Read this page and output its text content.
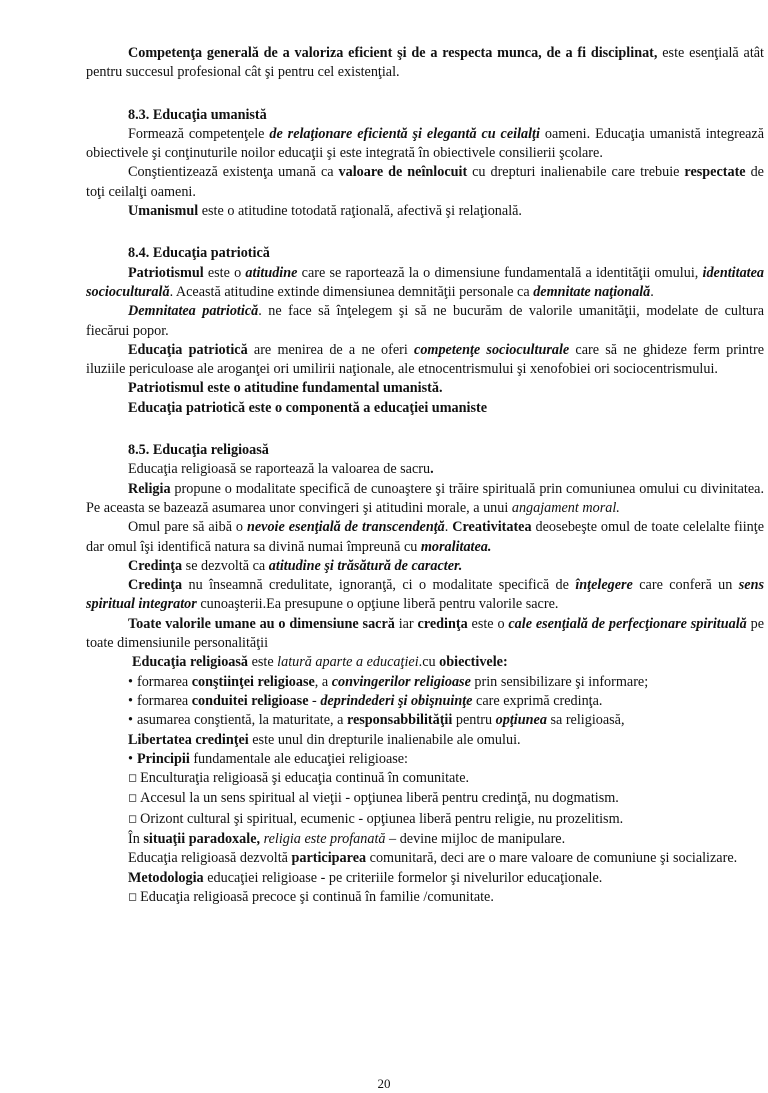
Competenţa generală de a valoriza eficient şi de a respecta munca, de a fi disciplinat, este esenţială atât pentru succesul profesional cât şi pentru cel existenţial.

8.3. Educaţia umanistă

Formează competenţele de relaţionare eficientă şi elegantă cu ceilalţi oameni. Educaţia umanistă integrează obiectivele şi conţinuturile noilor educaţii şi este integrată în obiectivele consilierii şcolare.

Conştientizează existenţa umană ca valoare de neînlocuit cu drepturi inalienabile care trebuie respectate de toţi ceilalţi oameni.

Umanismul este o atitudine totodată raţională, afectivă şi relaţională.

8.4. Educaţia patriotică

Patriotismul este o atitudine care se raportează la o dimensiune fundamentală a identităţii omului, identitatea socioculturală. Această atitudine extinde dimensiunea demnităţii personale ca demnitate naţională.

Demnitatea patriotică. ne face să înţelegem şi să ne bucurăm de valorile umanităţii, modelate de cultura fiecărui popor.

Educaţia patriotică are menirea de a ne oferi competenţe socioculturale care să ne ghideze ferm printre iluziile periculoase ale aroganţei ori umilirii naţionale, ale etnocentrismului şi xenofobiei ori sociocentrismului.

Patriotismul este o atitudine fundamental umanistă.

Educaţia patriotică este o componentă a educaţiei umaniste

8.5. Educaţia religioasă

Educaţia religioasă se raportează la valoarea de sacru.

Religia propune o modalitate specifică de cunoaştere şi trăire spirituală prin comuniunea omului cu divinitatea. Pe aceasta se bazează asumarea unor convingeri şi atitudini morale, a unui angajament moral.

Omul pare să aibă o nevoie esenţială de transcendenţă. Creativitatea deosebeşte omul de toate celelalte fiinţe dar omul îşi identifică natura sa divină numai împreună cu moralitatea.

Credinţa se dezvoltă ca atitudine şi trăsătură de caracter.

Credinţa nu înseamnă credulitate, ignoranţă, ci o modalitate specifică de înţelegere care conferă un sens spiritual integrator cunoaşterii.Ea presupune o opţiune liberă pentru valorile sacre.

Toate valorile umane au o dimensiune sacră iar credinţa este o cale esenţială de perfecţionare spirituală pe toate dimensiunile personalităţii

Educaţia religioasă este latură aparte a educaţiei.cu obiectivele:

• formarea conştiinţei religioase, a convingerilor religioase prin sensibilizare şi informare;

• formarea conduitei religioase - deprindederi şi obişnuinţe care exprimă credinţa.

• asumarea conştientă, la maturitate, a responsabbilităţii pentru opţiunea sa religioasă,

Libertatea credinţei este unul din drepturile inalienabile ale omului.

• Principii fundamentale ale educaţiei religioase:

◻ Enculturaţia religioasă şi educaţia continuă în comunitate.

◻ Accesul la un sens spiritual al vieţii - opţiunea liberă pentru credinţă, nu dogmatism.

◻ Orizont cultural şi spiritual, ecumenic - opţiunea liberă pentru religie, nu prozelitism.

În situaţii paradoxale, religia este profanată – devine mijloc de manipulare.

Educaţia religioasă dezvoltă participarea comunitară, deci are o mare valoare de comuniune şi socializare.

Metodologia educaţiei religioase - pe criteriile formelor şi nivelurilor educaţionale.

◻ Educaţia religioasă precoce şi continuă în familie /comunitate.

20
